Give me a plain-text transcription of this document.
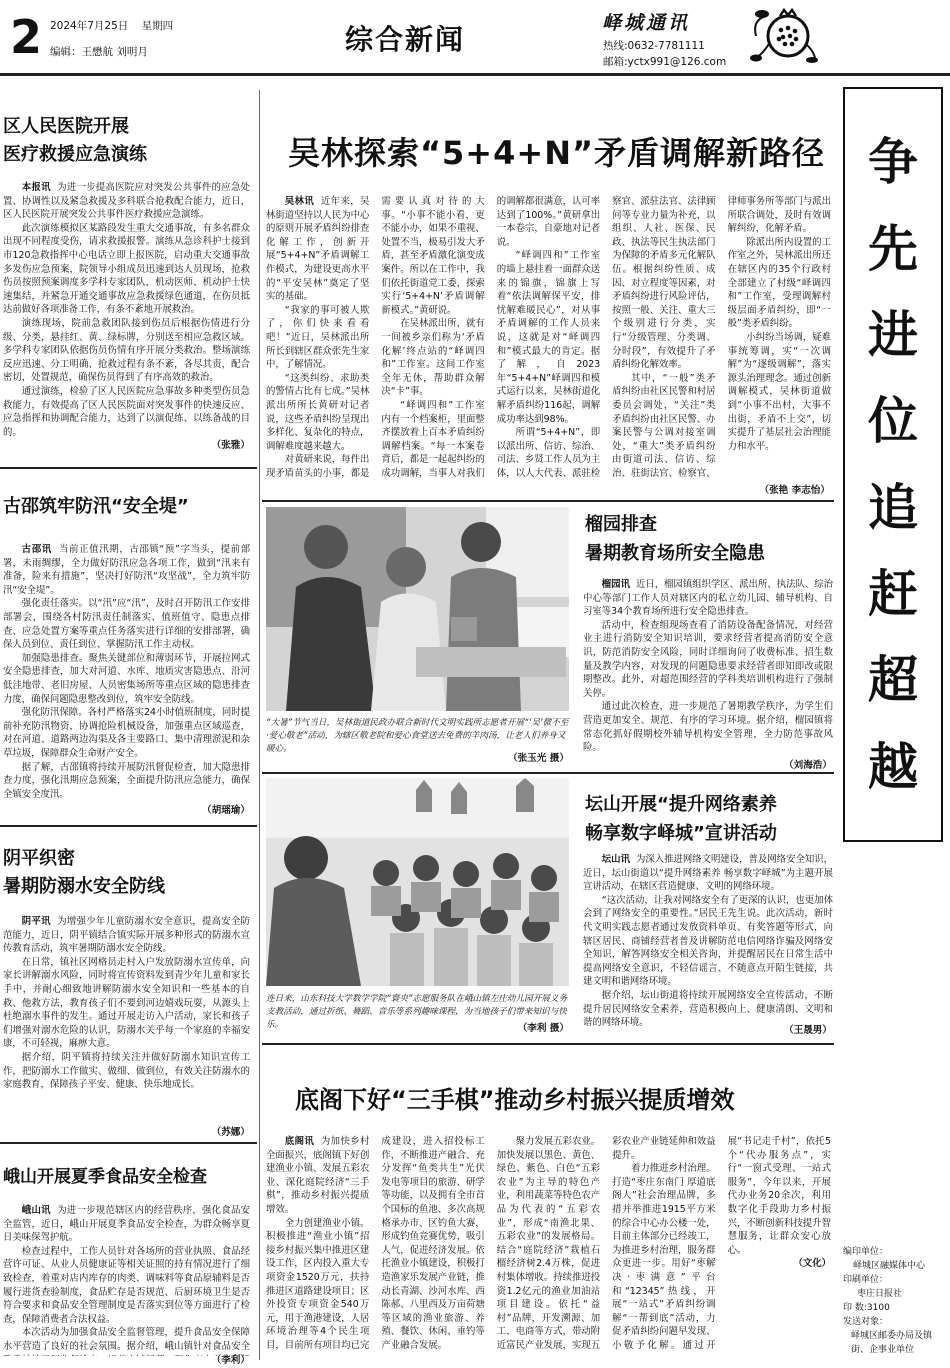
2 2024年7月25日 星期四
编辑：王懋航 刘明月	综合新闻	峄城通讯
热线:0632-7781111
邮箱:yctx991@126.com
争
先
进
位
追
赶
超
越
编印单位：
峄城区融媒体中心
印刷单位：
枣庄日报社
印 数:3100
发送对象：
峄城区邮委办局及镇街、企事业单位
区人民医院开展
医疗救援应急演练
本报讯 为进一步提高医院应对突发公共事件的应急处置、协调性以及紧急救援及多科联合抢救配合能力，近日，区人民医院开展突发公共事件医疗救援应急演练。
此次演练模拟区某路段发生重大交通事故，有多名群众出现不同程度受伤，请求救援报警。演练从急诊科护士接到市120急救指挥中心电话立即上报医院，启动重大交通事故多发伤应急预案，院领导小组成员迅速到达人员现场，抢救伤员按照预案调度多学科专家团队，机动医师、机动护士快速集结，并紧急开通交通事故应急救援绿色通道，在伤员抵达前做好各项准备工作，有条不紊地开展救治。
演练现场，院前急救团队接到伤员后根据伤情进行分级、分类，悬挂红、黄、绿标牌，分别送至相应急救区域。多学科专家团队依据伤员伤情有序开展分类救治。整场演练反应迅速、分工明确、抢救过程有条不紊，各尽其责，配合密切，处置规范，确保伤员得到了有序高效的救治。
通过演练，检验了区人民医院应急事故多种类型伤员急救能力，有效提高了区人民医院面对突发事件的快速反应、应急指挥和协调配合能力，达到了以演促练、以练备战的目的。
（张雅）
古邵筑牢防汛“安全堤”
古邵讯 当前正值汛期，古邵镇“预”字当头，提前部署，未雨绸缪，全力做好防汛应急各项工作，做到“汛来有准备，险来有措施”，坚决打好防汛“攻坚战”，全力筑牢防汛“安全堤”。
强化责任落实。以“汛”应“汛”，及时召开防汛工作安排部署会，围绕各村防汛责任制落实、值班值守、隐患点排查、应急处置方案等重点任务落实进行详细的安排部署，确保人员到位、责任到位、掌握防汛工作主动权。
加强隐患排查。聚焦关键部位和薄弱环节，开展拉网式安全隐患排查，加大对河道、水库、地质灾害隐患点、沿河低洼地带、老旧房屋、人员密集场所等重点区域的隐患排查力度，确保问题隐患整改到位，筑牢安全防线。
强化防汛保障。各村严格落实24小时值班制度，同时提前补充防汛物资，协调抢险机械设备，加强重点区域巡查，对在河道、道路两边沟渠及各主要路口、集中清理淤泥和杂草垃圾，保障群众生命财产安全。
据了解，古邵镇将持续开展防汛督促检查，加大隐患排查力度，强化汛期应急预案，全面提升防汛应急能力，确保全镇安全度汛。
（胡瑶瑜）
阴平织密
暑期防溺水安全防线
阴平讯 为增强少年儿童防溺水安全意识，提高安全防范能力，近日，阴平镇结合镇实际开展多种形式的防溺水宣传教育活动，筑牢暑期防溺水安全防线。
在日常，镇社区网格员走村入户发放防溺水宣传单，向家长讲解溺水风险，同时将宣传资料发到青少年儿童和家长手中，并耐心细致地讲解防溺水安全知识和一些基本的自救、他救方法，教育孩子们不要到河边嬉戏玩耍，从源头上杜绝溺水事件的发生。通过开展走访入户活动，家长和孩子们增强对溺水危险的认识，防溺水关乎每一个家庭的幸福安康，不可轻视，麻痹大意。
据介绍，阴平镇将持续关注并做好防溺水知识宣传工作，把防溺水工作做实、做细、做到位，有效关注防溺水的家庭教育，保障孩子平安、健康、快乐地成长。
（苏娜）
峨山开展夏季食品安全检查
峨山讯 为进一步规范辖区内的经营秩序，强化食品安全监管，近日，峨山开展夏季食品安全检查，为群众畅享夏日美味保驾护航。
检查过程中，工作人员针对各场所的营业执照、食品经营许可证、从业人员健康证等相关证照的持有情况进行了细致检查，着重对店内库存的肉类、调味料等食品原辅料是否履行进货查验制度，食品贮存是否规范、后厨环境卫生是否符合要求和食品安全管理制度是否落实到位等方面进行了检查，保障消费者合法权益。
本次活动为加强食品安全监督管理，提升食品安全保障水平营造了良好的社会氛围。据介绍，峨山镇针对食品安全
（李利）
吴林探索“5+4+N”矛盾调解新路径
吴林讯 近年来，吴林街道坚持以人民为中心的原则开展矛盾纠纷排查化解工作，创新开展“5+4+N”矛盾调解工作模式，为建设更高水平的“平安吴林”奠定了坚实的基础。
“我家的事可被人欺了，你们快来看看吧！”近日，吴林派出所所长到辖区群众张先生家中，了解情况。
“这类纠纷、求助类的警情占比有七成。”吴林派出所所长黄研对记者说，这些矛盾纠纷呈现出多样化、复杂化的特点，调解难度越来越大。
对黄研来说，每件出现矛盾苗头的小事，都是需要认真对待的大事。“小事不能小看，更不能小办，如果不重视、处置不当，极易引发大矛盾，甚至矛盾激化演变成案件。所以在工作中，我们依托街道党工委，探索实行‘5+4+N’矛盾调解新模式。”黄研说。
在吴林派出所，就有一间被乡亲们称为‘矛盾化解’终点站的“峄调四和”工作室。这间工作室全年无休，帮助群众解决“卡”事。
“峄调四和”工作室内有一个档案柜，里面整齐摆放着上百本矛盾纠纷调解档案。“每一本案卷背后，都是一起起纠纷的成功调解，当事人对我们的调解都很满意，认可率达到了100%。”黄研拿出一本卷宗，自豪地对记者说。
“峄调四和”工作室的墙上悬挂着一面群众送来的锦旗，锦旗上写着“依法调解保平安，排忧解难暖民心”，对从事矛盾调解的工作人员来说，这就是对“峄调四和”模式最大的肯定。据了解，自2023年“5+4+N”峄调四和模式运行以来，吴林街道化解矛盾纠纷116起，调解成功率达到98%。
所谓“5+4+N”，即以派出所、信访、综治、司法、乡贤工作人员为主体，以人大代表、派驻检察官、派驻法官、法律顾问等专业力量为补充，以组织、人社、医保、民政、执法等民生执法部门为保障的矛盾多元化解队伍。根据纠纷性质、成因、对立程度等因素，对矛盾纠纷进行风险评估，按照一般、关注、重大三个级别进行分类，实行“分级管理、分类调、分时段”，有效提升了矛盾纠纷化解效率。
其中，“一般”类矛盾纠纷由社区民警和村居委员会调处，“关注”类矛盾纠纷由社区民警、办案民警与公调对接室调处，“重大”类矛盾纠纷由街道司法、信访、综治、驻街法官、检察官、律师事务所等部门与派出所联合调处，及时有效调解纠纷，化解矛盾。
除派出所内设置的工作室之外，吴林派出所还在辖区内的35个行政村全部建立了村级“峄调四和”工作室，受理调解村级层面矛盾纠纷，即“一般”类矛盾纠纷。
小纠纷当场调，疑难事统筹调，实“一次调解”为“逐级调解”，落实源头治理理念。通过创新调解模式，吴林街道做到“小事不出村，大事不出街，矛盾不上交”，切实提升了基层社会治理能力和水平。
（张艳 李志怡）
“大暑”节气当日，吴林街道民政办联合新时代文明实践所志愿者开展“‘吴’微不至·爱心敬老”活动，为辖区敬老院和爱心食堂送去免费的羊肉汤，让老人们养身又暖心。
（张玉光 摄）
榴园排查
暑期教育场所安全隐患
榴园讯 近日，榴园镇组织学区、派出所、执法队、综治中心等部门工作人员对辖区内的私立幼儿园、辅导机构、自习室等34个教育场所进行安全隐患排查。
活动中，检查组现场查看了消防设备配备情况，对经营业主进行消防安全知识培训，要求经营者提高消防安全意识，防范消防安全风险，同时详细询问了收费标准、招生数量及教学内容，对发现的问题隐患要求经营者即知即改或限期整改。此外，对超范围经营的学科类培训机构进行了强制关停。
通过此次检查，进一步规范了暑期教学秩序，为学生们营造更加安全、规范、有序的学习环境。据介绍，榴园镇将常态化抓好假期校外辅导机构安全管理，全力防范事故风险。
（刘海浩）
连日来，山东科技大学数学学院“寰央”志愿服务队在峨山镇左庄幼儿园开展义务支教活动，通过折纸、舞蹈、音乐等系列趣味课程，为当地孩子们带来知识与快乐。	（李利 摄）
坛山开展“提升网络素养
畅享数字峄城”宣讲活动
坛山讯 为深入推进网络文明建设，普及网络安全知识，近日，坛山街道以“提升网络素养 畅享数字峄城”为主题开展宣讲活动，在辖区营造健康、文明的网络环境。
“这次活动，让我对网络安全有了更深的认识，也更加体会到了网络安全的重要性。”居民王先生说。此次活动，新时代文明实践志愿者通过发放资料单页、有奖答题等形式，向辖区居民、商铺经营者普及讲解防范电信网络诈骗及网络安全知识，解答网络安全相关咨询，并提醒居民在日常生活中提高网络安全意识，不轻信谣言、不随意点开陌生链接，共建文明和谐网络环境。
据介绍，坛山街道将持续开展网络安全宣传活动，不断提升居民网络安全素养，营造积极向上、健康清朗、文明和谐的网络环境。
（王晟男）
底阁下好“三手棋”推动乡村振兴提质增效
底阁讯 为加快乡村全面振兴，底阁镇下好创建渔业小镇、发展五彩农业、深化庭院经济“三手棋”，推动乡村振兴提质增效。
全力创建渔业小镇。积极推进“渔业小镇”招接乡村振兴集中推进区建设工作，区内投入重大专项资金1520万元，扶持推进区道路建设项目；区外投资专项资金540万元，用于渔港建设，人居环境治理等4个民生项目，目前所有项目均已完成建设，进入招投标工作，不断推进产融合、充分发挥“鱼类共生”光伏发电等项目的旅游、研学等功能，以及拥有全市首个国标的鱼池、多次高规格承办市、区钓鱼大赛，形成钓鱼竞赛优势，吸引人气，促进经济发展。依托渔业小镇建设，积极打造渔家乐发展产业链，推动长青湖、沙河水库、西陈郝、八里西及万亩荷塘等区域的渔业旅游、养殖、餐饮、休闲、垂钓等产业融合发展。
聚力发展五彩农业。加快发展以黑色、黄色、绿色、紫色、白色“五彩农业”为主导的特色产业，利用蔬菜等特色农产品为代表的“五彩农业”，形成“南渔北果、五彩农业”的发展格局。结合“庭院经济”栽植石榴经济树2.4万株，促进村集体增收。持续推进投资1.2亿元的渔业加油站项目建设。依托“益村”品牌，开发溯源、加工、电商等方式，带动附近富民产业发展，实现五彩农业产业链延伸和效益提升。
着力推进乡村治理。打造“枣庄东南门 厚道底阁人”社会治理品牌，多措并举推进1915平方米的综合中心办公楼一处，目前主体部分已经竣工，为推进乡村治理，服务群众更进一步。用好“枣解决·枣满意”平台和“12345”热线，开展“一站式”矛盾纠纷调解“一帮到底”活动，力促矛盾纠纷问题早发现、小敬予化解。通过开展“书记走千村”，依托5个“代办服务点”，实行“一窗式受理、一站式服务”，今年以来，开展代办业务20余次，利用数字化手段助力乡村振兴，不断创新科技提升智慧服务，让群众安心放心。
（文化）
